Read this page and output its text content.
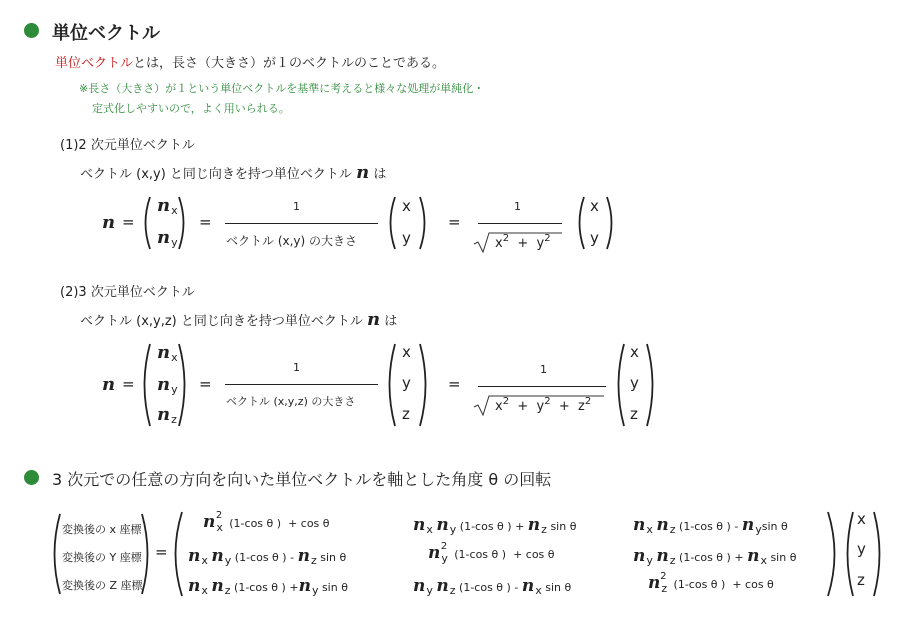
単位ベクトル
単位ベクトルとは，長さ（大きさ）が１のベクトルのことである。
※長さ（大きさ）が１という単位ベクトルを基準に考えると様々な処理が単純化・
定式化しやすいので，よく用いられる。
(1)2 次元単位ベクトル
ベクトル (x,y) と同じ向きを持つ単位ベクトル n は
n =
$n_x$
$n_y$
=
1
ベクトル (x,y) の大きさ
x
y
=
1
$x^2 + y^2$
x
y
(2)3 次元単位ベクトル
ベクトル (x,y,z) と同じ向きを持つ単位ベクトル n は
n =
$n_x$
$n_y$
$n_z$
=
1
ベクトル (x,y,z) の大きさ
x
y
z
=
1
$x^2 + y^2 + z^2$
x
y
z
3 次元での任意の方向を向いた単位ベクトルを軸とした角度 θ の回転
変換後の x 座標
変換後の Y 座標
変換後の Z 座標
=
nx2  (1-cos θ ) + cos θ	nx ny (1-cos θ ) + nz sin θ	nx nz (1-cos θ ) - nysin θ
nx ny (1-cos θ ) - nz sin θ	ny2  (1-cos θ ) + cos θ	ny nz (1-cos θ ) + nx sin θ
nx nz (1-cos θ ) +ny sin θ	ny nz (1-cos θ ) - nx sin θ	nz2  (1-cos θ ) + cos θ
x
y
z
